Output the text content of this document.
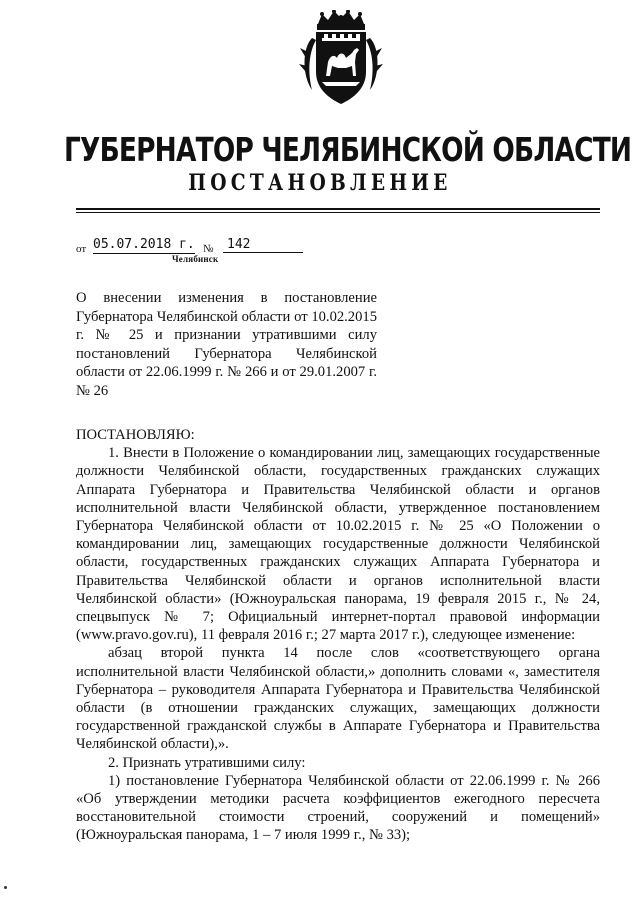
ГУБЕРНАТОР ЧЕЛЯБИНСКОЙ ОБЛАСТИ
ПОСТАНОВЛЕНИЕ
от 05.07.2018 г. №	142
Челябинск
О внесении изменения в постановление Губернатора Челябинской области от 10.02.2015 г. № 25 и признании утратившими силу постановлений Губернатора Челябинской области от 22.06.1999 г. № 266 и от 29.01.2007 г. № 26

ПОСТАНОВЛЯЮ:

1. Внести в Положение о командировании лиц, замещающих государственные должности Челябинской области, государственных гражданских служащих Аппарата Губернатора и Правительства Челябинской области и органов исполнительной власти Челябинской области, утвержденное постановлением Губернатора Челябинской области от 10.02.2015 г. № 25 «О Положении о командировании лиц, замещающих государственные должности Челябинской области, государственных гражданских служащих Аппарата Губернатора и Правительства Челябинской области и органов исполнительной власти Челябинской области» (Южноуральская панорама, 19 февраля 2015 г., № 24, спецвыпуск № 7; Официальный интернет-портал правовой информации (www.pravo.gov.ru), 11 февраля 2016 г.; 27 марта 2017 г.), следующее изменение:

абзац второй пункта 14 после слов «соответствующего органа исполнительной власти Челябинской области,» дополнить словами «, заместителя Губернатора – руководителя Аппарата Губернатора и Правительства Челябинской области (в отношении гражданских служащих, замещающих должности государственной гражданской службы в Аппарате Губернатора и Правительства Челябинской области),».

2. Признать утратившими силу:

1) постановление Губернатора Челябинской области от 22.06.1999 г. № 266 «Об утверждении методики расчета коэффициентов ежегодного пересчета восстановительной стоимости строений, сооружений и помещений» (Южноуральская панорама, 1 – 7 июля 1999 г., № 33);
